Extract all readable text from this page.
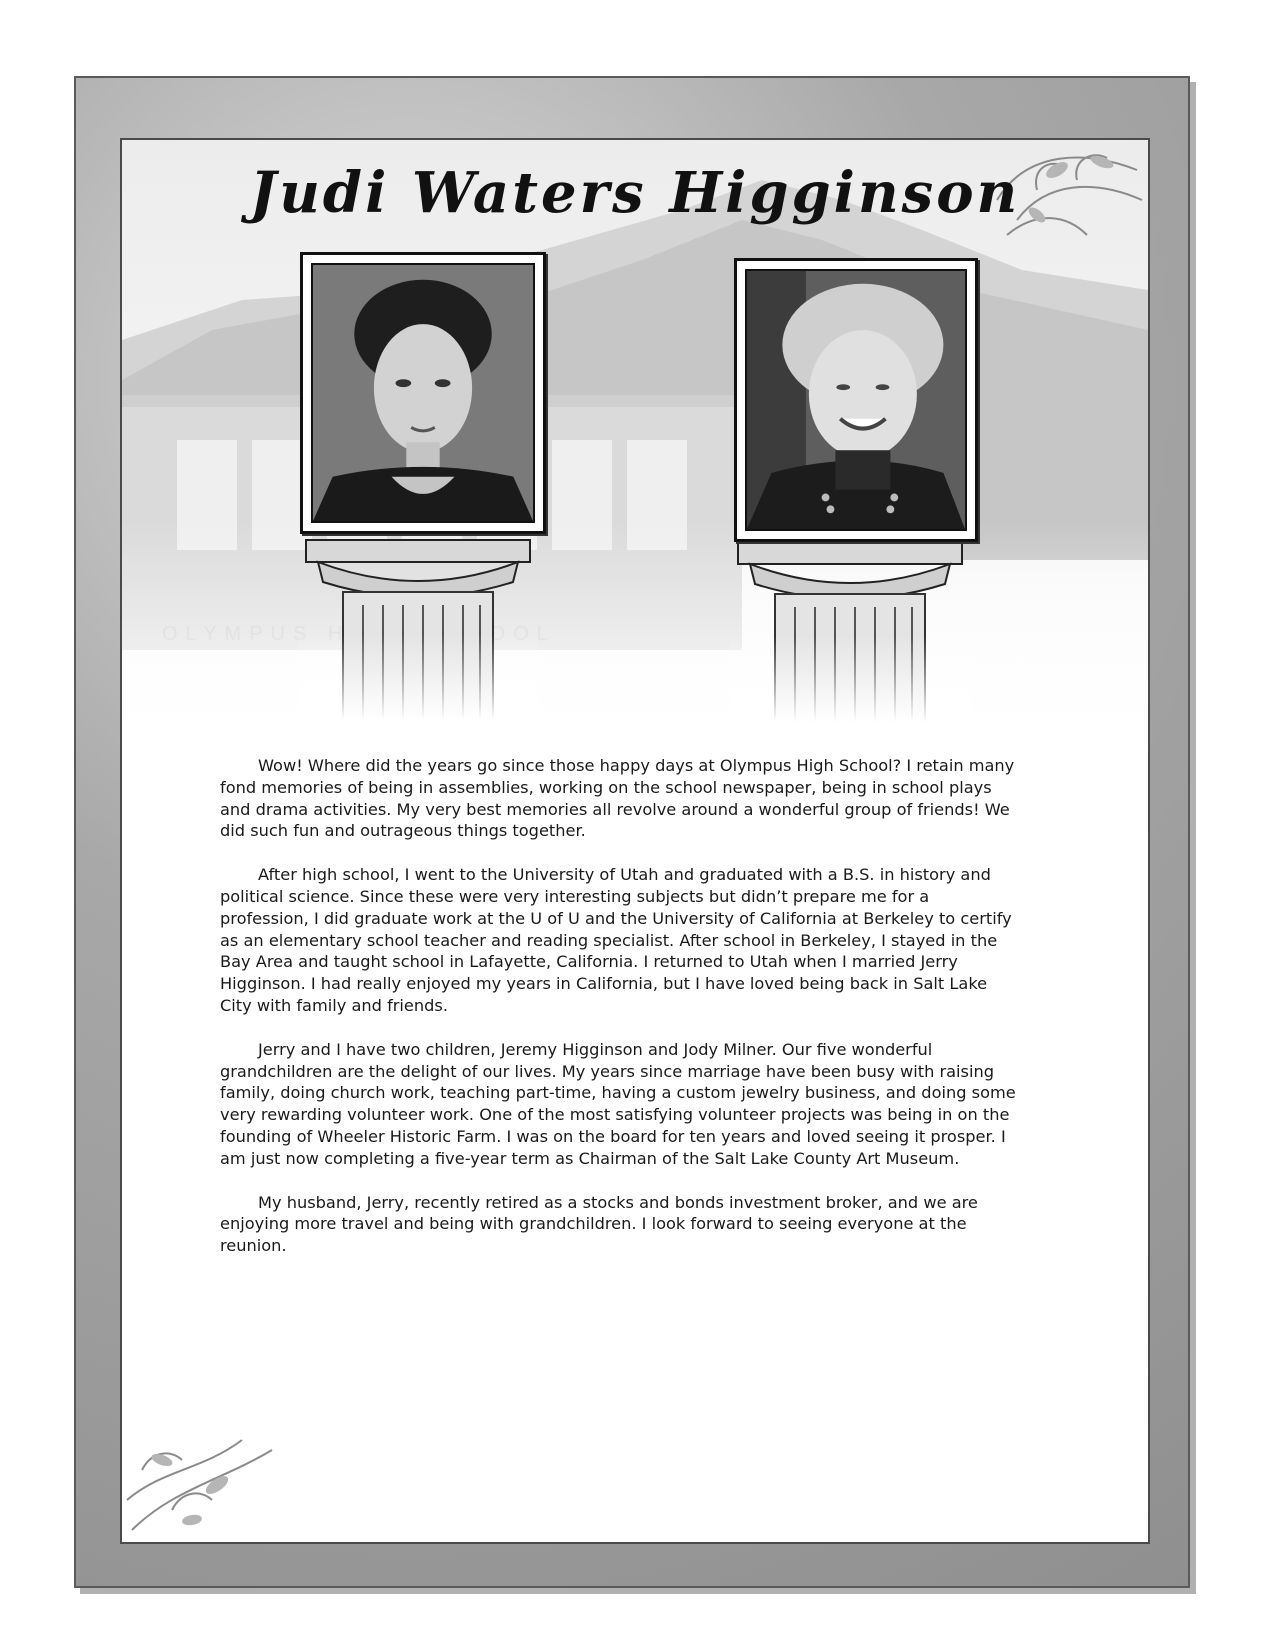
Judi Waters Higginson

Wow! Where did the years go since those happy days at Olympus High School? I retain many fond memories of being in assemblies, working on the school newspaper, being in school plays and drama activities. My very best memories all revolve around a wonderful group of friends! We did such fun and outrageous things together.

After high school, I went to the University of Utah and graduated with a B.S. in history and political science. Since these were very interesting subjects but didn’t prepare me for a profession, I did graduate work at the U of U and the University of California at Berkeley to certify as an elementary school teacher and reading specialist. After school in Berkeley, I stayed in the Bay Area and taught school in Lafayette, California. I returned to Utah when I married Jerry Higginson. I had really enjoyed my years in California, but I have loved being back in Salt Lake City with family and friends.

Jerry and I have two children, Jeremy Higginson and Jody Milner. Our five wonderful grandchildren are the delight of our lives. My years since marriage have been busy with raising family, doing church work, teaching part-time, having a custom jewelry business, and doing some very rewarding volunteer work. One of the most satisfying volunteer projects was being in on the founding of Wheeler Historic Farm. I was on the board for ten years and loved seeing it prosper. I am just now completing a five-year term as Chairman of the Salt Lake County Art Museum.

My husband, Jerry, recently retired as a stocks and bonds investment broker, and we are enjoying more travel and being with grandchildren. I look forward to seeing everyone at the reunion.
